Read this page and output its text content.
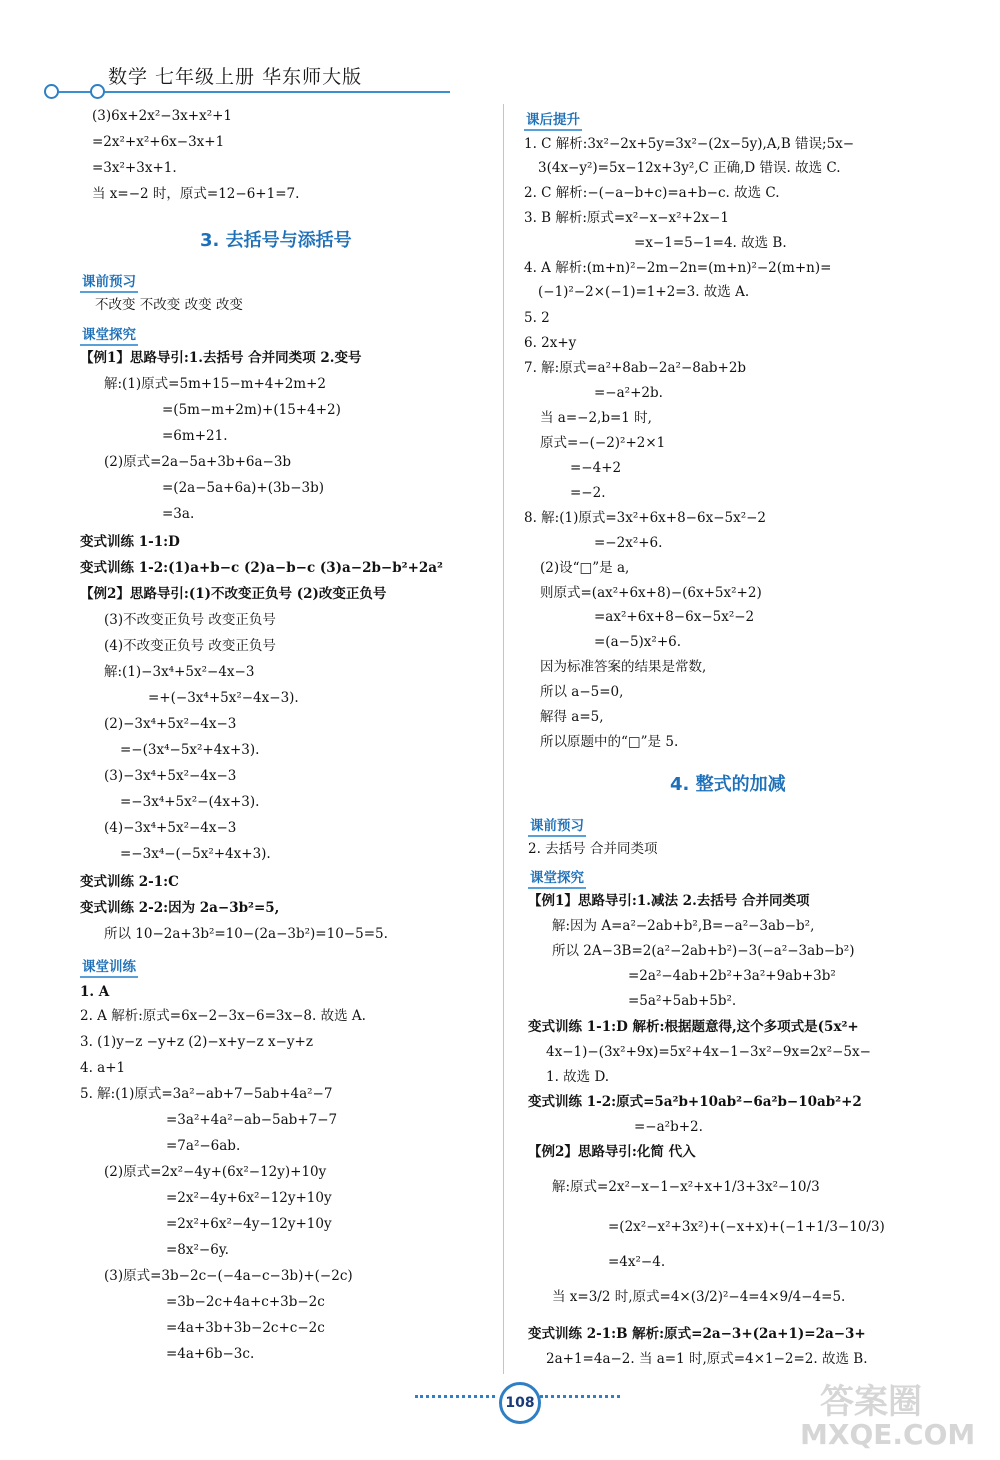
数学 七年级上册 华东师大版
(3)6x+2x²−3x+x²+1
=2x²+x²+6x−3x+1
=3x²+3x+1.
当 x=−2 时，原式=12−6+1=7.
3. 去括号与添括号
课前预习
不改变 不改变 改变 改变
课堂探究
【例1】思路导引:1.去括号 合并同类项 2.变号
解:(1)原式=5m+15−m+4+2m+2
=(5m−m+2m)+(15+4+2)
=6m+21.
(2)原式=2a−5a+3b+6a−3b
=(2a−5a+6a)+(3b−3b)
=3a.
变式训练 1-1:D
变式训练 1-2:(1)a+b−c (2)a−b−c (3)a−2b−b²+2a²
【例2】思路导引:(1)不改变正负号 (2)改变正负号
(3)不改变正负号 改变正负号
(4)不改变正负号 改变正负号
解:(1)−3x⁴+5x²−4x−3
=+(−3x⁴+5x²−4x−3).
(2)−3x⁴+5x²−4x−3
=−(3x⁴−5x²+4x+3).
(3)−3x⁴+5x²−4x−3
=−3x⁴+5x²−(4x+3).
(4)−3x⁴+5x²−4x−3
=−3x⁴−(−5x²+4x+3).
变式训练 2-1:C
变式训练 2-2:因为 2a−3b²=5,
所以 10−2a+3b²=10−(2a−3b²)=10−5=5.
课堂训练
1. A
2. A 解析:原式=6x−2−3x−6=3x−8. 故选 A.
3. (1)y−z −y+z (2)−x+y−z x−y+z
4. a+1
5. 解:(1)原式=3a²−ab+7−5ab+4a²−7
=3a²+4a²−ab−5ab+7−7
=7a²−6ab.
(2)原式=2x²−4y+(6x²−12y)+10y
=2x²−4y+6x²−12y+10y
=2x²+6x²−4y−12y+10y
=8x²−6y.
(3)原式=3b−2c−(−4a−c−3b)+(−2c)
=3b−2c+4a+c+3b−2c
=4a+3b+3b−2c+c−2c
=4a+6b−3c.
课后提升
1. C 解析:3x²−2x+5y=3x²−(2x−5y),A,B 错误;5x−
3(4x−y²)=5x−12x+3y²,C 正确,D 错误. 故选 C.
2. C 解析:−(−a−b+c)=a+b−c. 故选 C.
3. B 解析:原式=x²−x−x²+2x−1
=x−1=5−1=4. 故选 B.
4. A 解析:(m+n)²−2m−2n=(m+n)²−2(m+n)=
(−1)²−2×(−1)=1+2=3. 故选 A.
5. 2
6. 2x+y
7. 解:原式=a²+8ab−2a²−8ab+2b
=−a²+2b.
当 a=−2,b=1 时,
原式=−(−2)²+2×1
=−4+2
=−2.
8. 解:(1)原式=3x²+6x+8−6x−5x²−2
=−2x²+6.
(2)设“□”是 a,
则原式=(ax²+6x+8)−(6x+5x²+2)
=ax²+6x+8−6x−5x²−2
=(a−5)x²+6.
因为标准答案的结果是常数,
所以 a−5=0,
解得 a=5,
所以原题中的“□”是 5.
4. 整式的加减
课前预习
2. 去括号 合并同类项
课堂探究
【例1】思路导引:1.减法 2.去括号 合并同类项
解:因为 A=a²−2ab+b²,B=−a²−3ab−b²,
所以 2A−3B=2(a²−2ab+b²)−3(−a²−3ab−b²)
=2a²−4ab+2b²+3a²+9ab+3b²
=5a²+5ab+5b².
变式训练 1-1:D 解析:根据题意得,这个多项式是(5x²+
4x−1)−(3x²+9x)=5x²+4x−1−3x²−9x=2x²−5x−
1. 故选 D.
变式训练 1-2:原式=5a²b+10ab²−6a²b−10ab²+2
=−a²b+2.
【例2】思路导引:化简 代入
解:原式=2x²−x−1−x²+x+1/3+3x²−10/3
=(2x²−x²+3x²)+(−x+x)+(−1+1/3−10/3)
=4x²−4.
当 x=3/2 时,原式=4×(3/2)²−4=4×9/4−4=5.
变式训练 2-1:B 解析:原式=2a−3+(2a+1)=2a−3+
2a+1=4a−2. 当 a=1 时,原式=4×1−2=2. 故选 B.
108	答案圈
MXQE.COM
